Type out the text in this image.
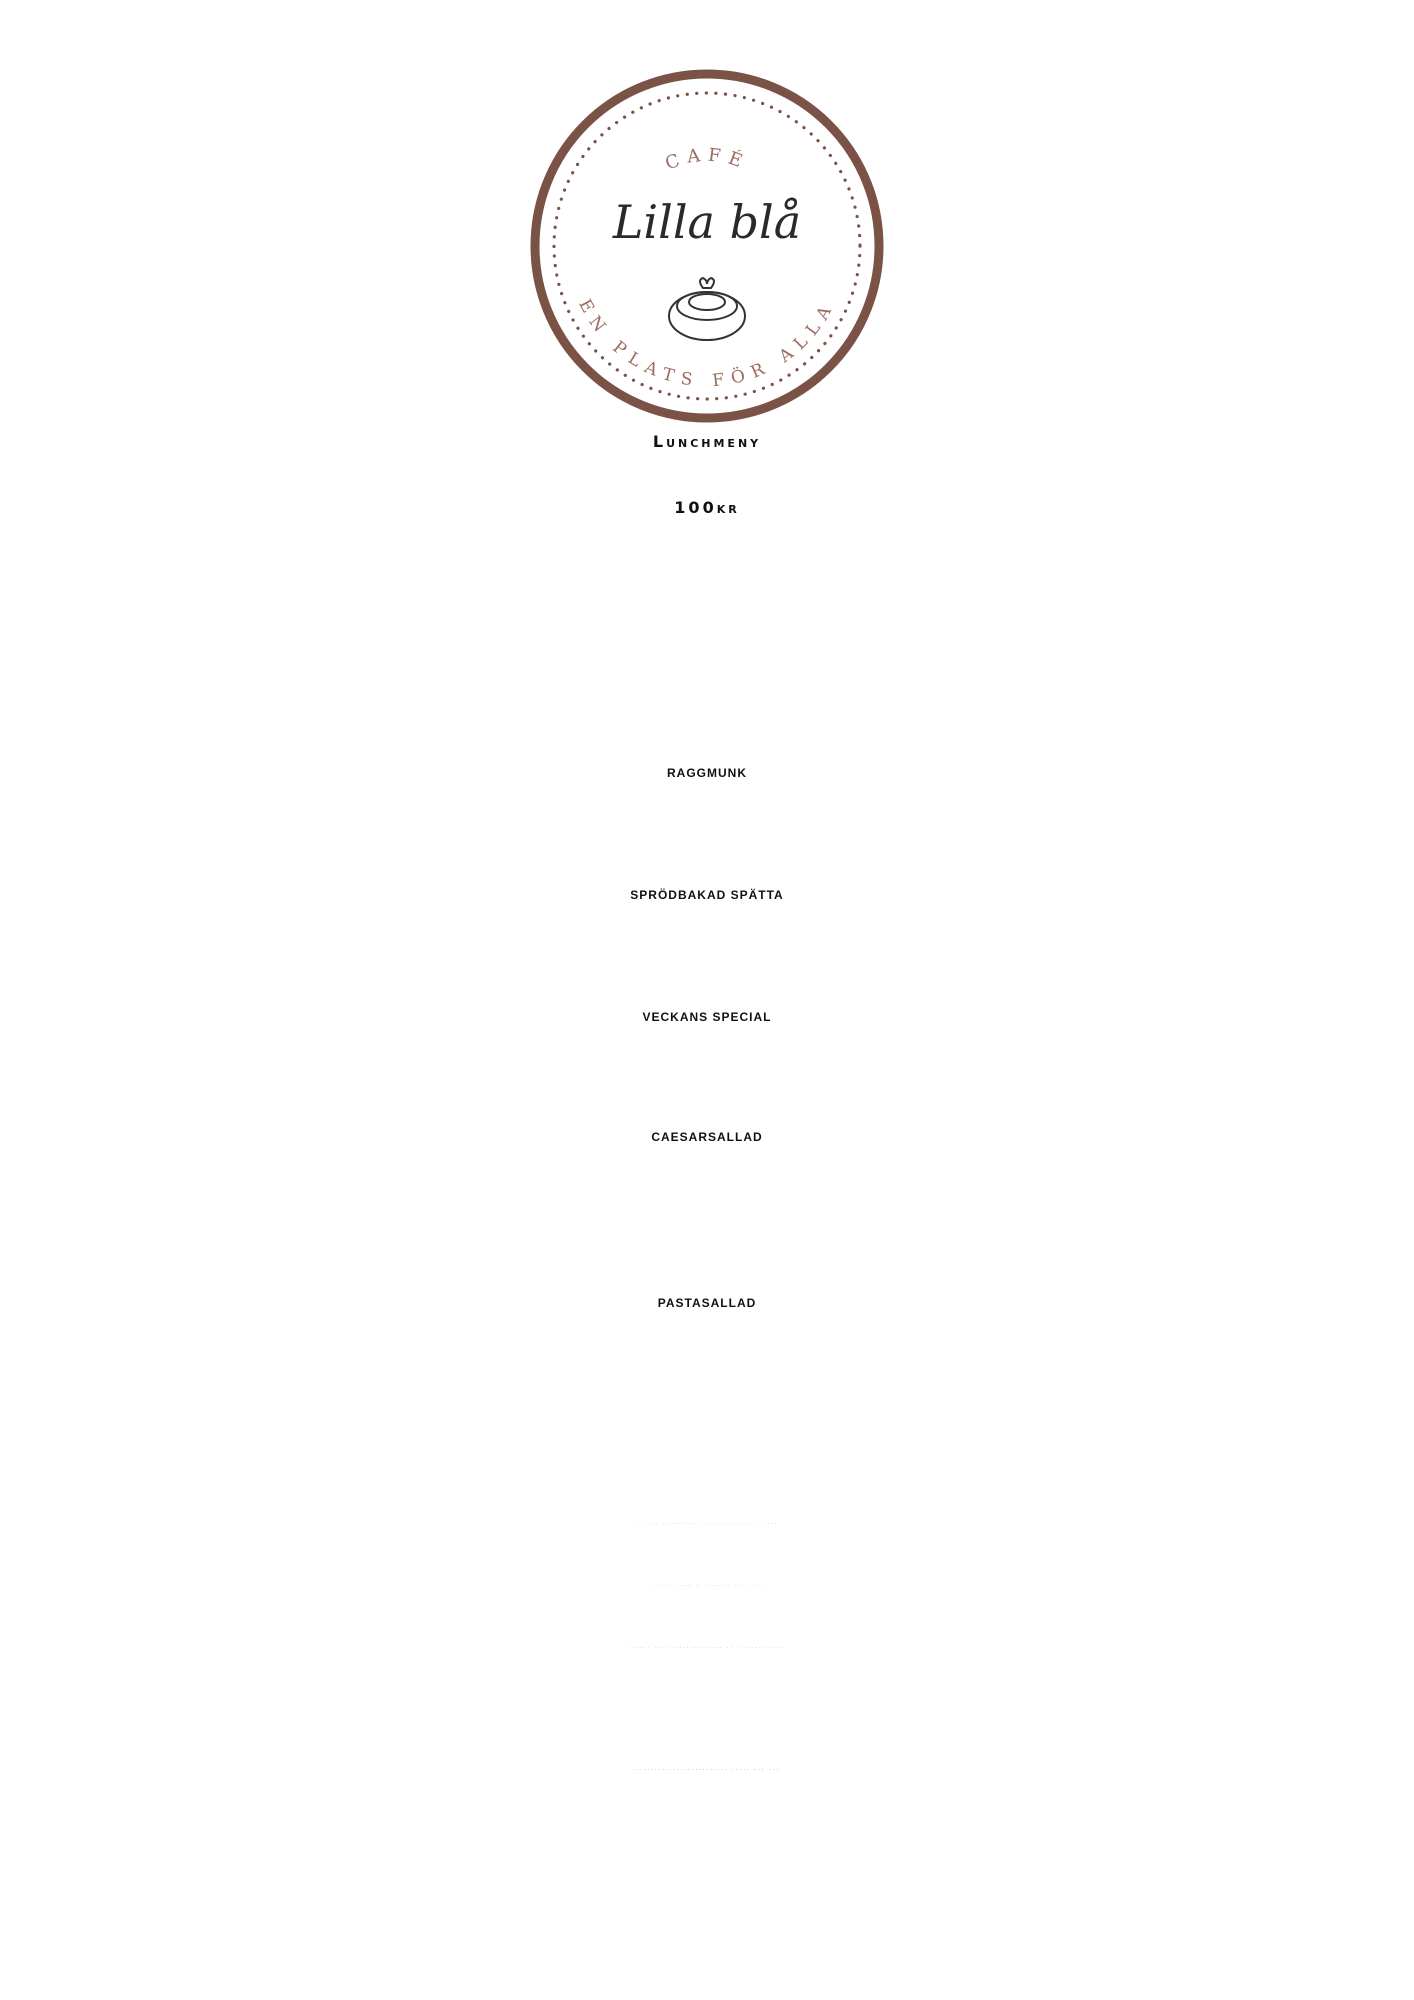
CAFÉ
Lilla blå
EN PLATS FÖR ALLA
Lunchmeny
100kr
RAGGMUNK
SPRÖDBAKAD SPÄTTA
VECKANS SPECIAL
CAESARSALLAD
PASTASALLAD
All mat förbereds och tillagas på caféet
Vi köper enbart svenskt kött och
högsta kvalitétsmärkningen på fisk/skaldjur
Allergier/kostpreferenser? Prata med oss
